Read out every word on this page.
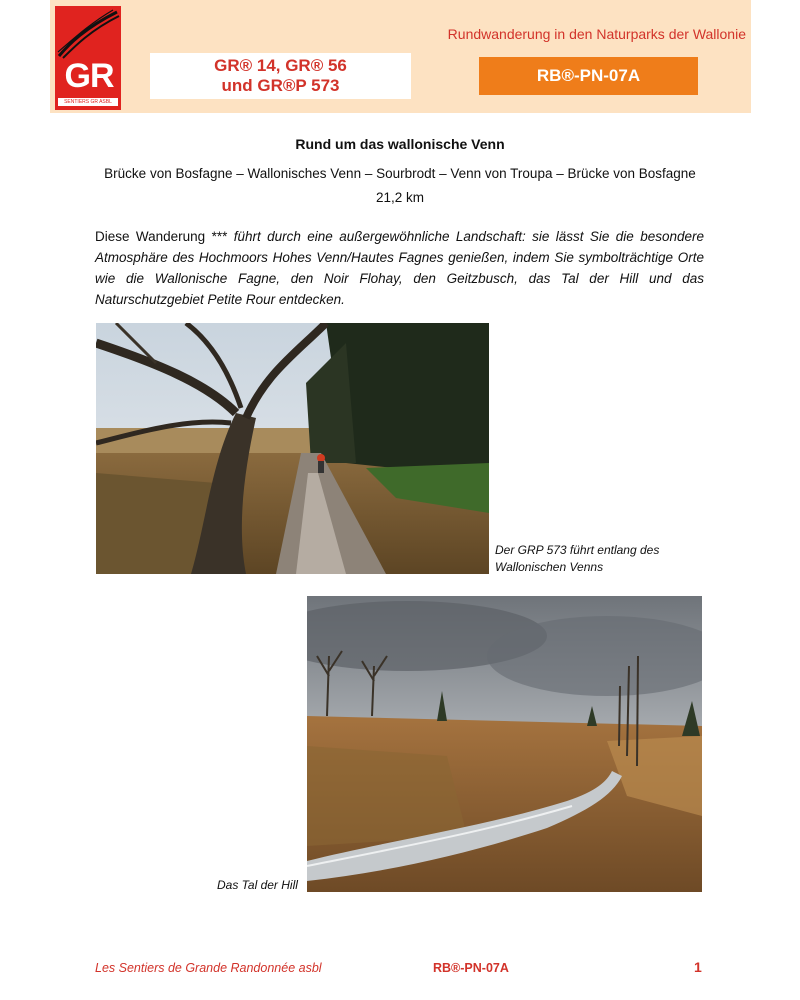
GR
SENTIERS GR ASBL
Rundwanderung in den Naturparks der Wallonie
GR® 14, GR® 56
und GR®P 573
RB®-PN-07A
Rund um das wallonische Venn
Brücke von Bosfagne – Wallonisches Venn – Sourbrodt – Venn von Troupa – Brücke von Bosfagne
21,2 km
Diese Wanderung *** führt durch eine außergewöhnliche Landschaft: sie lässt Sie die besondere Atmosphäre des Hochmoors Hohes Venn/Hautes Fagnes genießen, indem Sie symbolträchtige Orte wie die Wallonische Fagne, den Noir Flohay, den Geitzbusch, das Tal der Hill und das Naturschutzgebiet Petite Rour entdecken.
Der GRP 573 führt entlang des Wallonischen Venns
Das Tal der Hill
Les Sentiers de Grande Randonnée asbl	RB®-PN-07A	1
